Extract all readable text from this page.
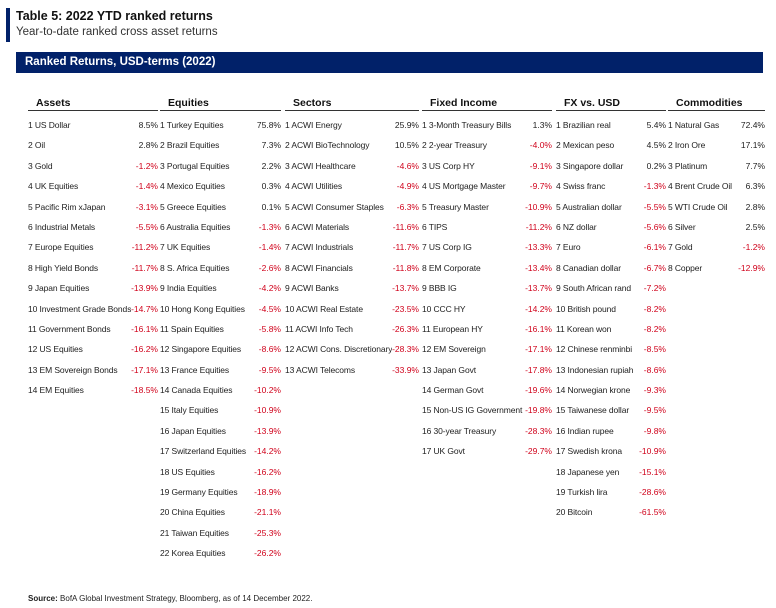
Table 5: 2022 YTD ranked returns
Year-to-date ranked cross asset returns
Ranked Returns, USD-terms (2022)
Assets
1 US Dollar	8.5%
2 Oil	2.8%
3 Gold	-1.2%
4 UK Equities	-1.4%
5 Pacific Rim xJapan	-3.1%
6 Industrial Metals	-5.5%
7 Europe Equities	-11.2%
8 High Yield Bonds	-11.7%
9 Japan Equities	-13.9%
10 Investment Grade Bonds -14.7%
11 Government Bonds	-16.1%
12 US Equities	-16.2%
13 EM Sovereign Bonds	-17.1%
14 EM Equities	-18.5%
Equities
1 Turkey Equities	75.8%
2 Brazil Equities	7.3%
3 Portugal Equities	2.2%
4 Mexico Equities	0.3%
5 Greece Equities	0.1%
6 Australia Equities	-1.3%
7 UK Equities	-1.4%
8 S. Africa Equities	-2.6%
9 India Equities	-4.2%
10 Hong Kong Equities	-4.5%
11 Spain Equities	-5.8%
12 Singapore Equities	-8.6%
13 France Equities	-9.5%
14 Canada Equities	-10.2%
15 Italy Equities	-10.9%
16 Japan Equities	-13.9%
17 Switzerland Equities -14.2%
18 US Equities	-16.2%
19 Germany Equities	-18.9%
20 China Equities	-21.1%
21 Taiwan Equities	-25.3%
22 Korea Equities	-26.2%
Sectors
1 ACWI Energy	25.9%
2 ACWI BioTechnology	10.5%
3 ACWI Healthcare	-4.6%
4 ACWI Utilities	-4.9%
5 ACWI Consumer Staples	-6.3%
6 ACWI Materials	-11.6%
7 ACWI Industrials	-11.7%
8 ACWI Financials	-11.8%
9 ACWI Banks	-13.7%
10 ACWI Real Estate	-23.5%
11 ACWI Info Tech	-26.3%
12 ACWI Cons. Discretionary -28.3%
13 ACWI Telecoms	-33.9%
Fixed Income
1 3-Month Treasury Bills	1.3%
2 2-year Treasury	-4.0%
3 US Corp HY	-9.1%
4 US Mortgage Master	-9.7%
5 Treasury Master	-10.9%
6 TIPS	-11.2%
7 US Corp IG	-13.3%
8 EM Corporate	-13.4%
9 BBB IG	-13.7%
10 CCC HY	-14.2%
11 European HY	-16.1%
12 EM Sovereign	-17.1%
13 Japan Govt	-17.8%
14 German Govt	-19.6%
15 Non-US IG Government -19.8%
16 30-year Treasury	-28.3%
17 UK Govt	-29.7%
FX vs. USD
1 Brazilian real	5.4%
2 Mexican peso	4.5%
3 Singapore dollar	0.2%
4 Swiss franc	-1.3%
5 Australian dollar	-5.5%
6 NZ dollar	-5.6%
7 Euro	-6.1%
8 Canadian dollar	-6.7%
9 South African rand	-7.2%
10 British pound	-8.2%
11 Korean won	-8.2%
12 Chinese renminbi	-8.5%
13 Indonesian rupiah	-8.6%
14 Norwegian krone	-9.3%
15 Taiwanese dollar	-9.5%
16 Indian rupee	-9.8%
17 Swedish krona	-10.9%
18 Japanese yen	-15.1%
19 Turkish lira	-28.6%
20 Bitcoin	-61.5%
Commodities
1 Natural Gas	72.4%
2 Iron Ore	17.1%
3 Platinum	7.7%
4 Brent Crude Oil	6.3%
5 WTI Crude Oil	2.8%
6 Silver	2.5%
7 Gold	-1.2%
8 Copper	-12.9%
Source: BofA Global Investment Strategy, Bloomberg, as of 14 December 2022.
